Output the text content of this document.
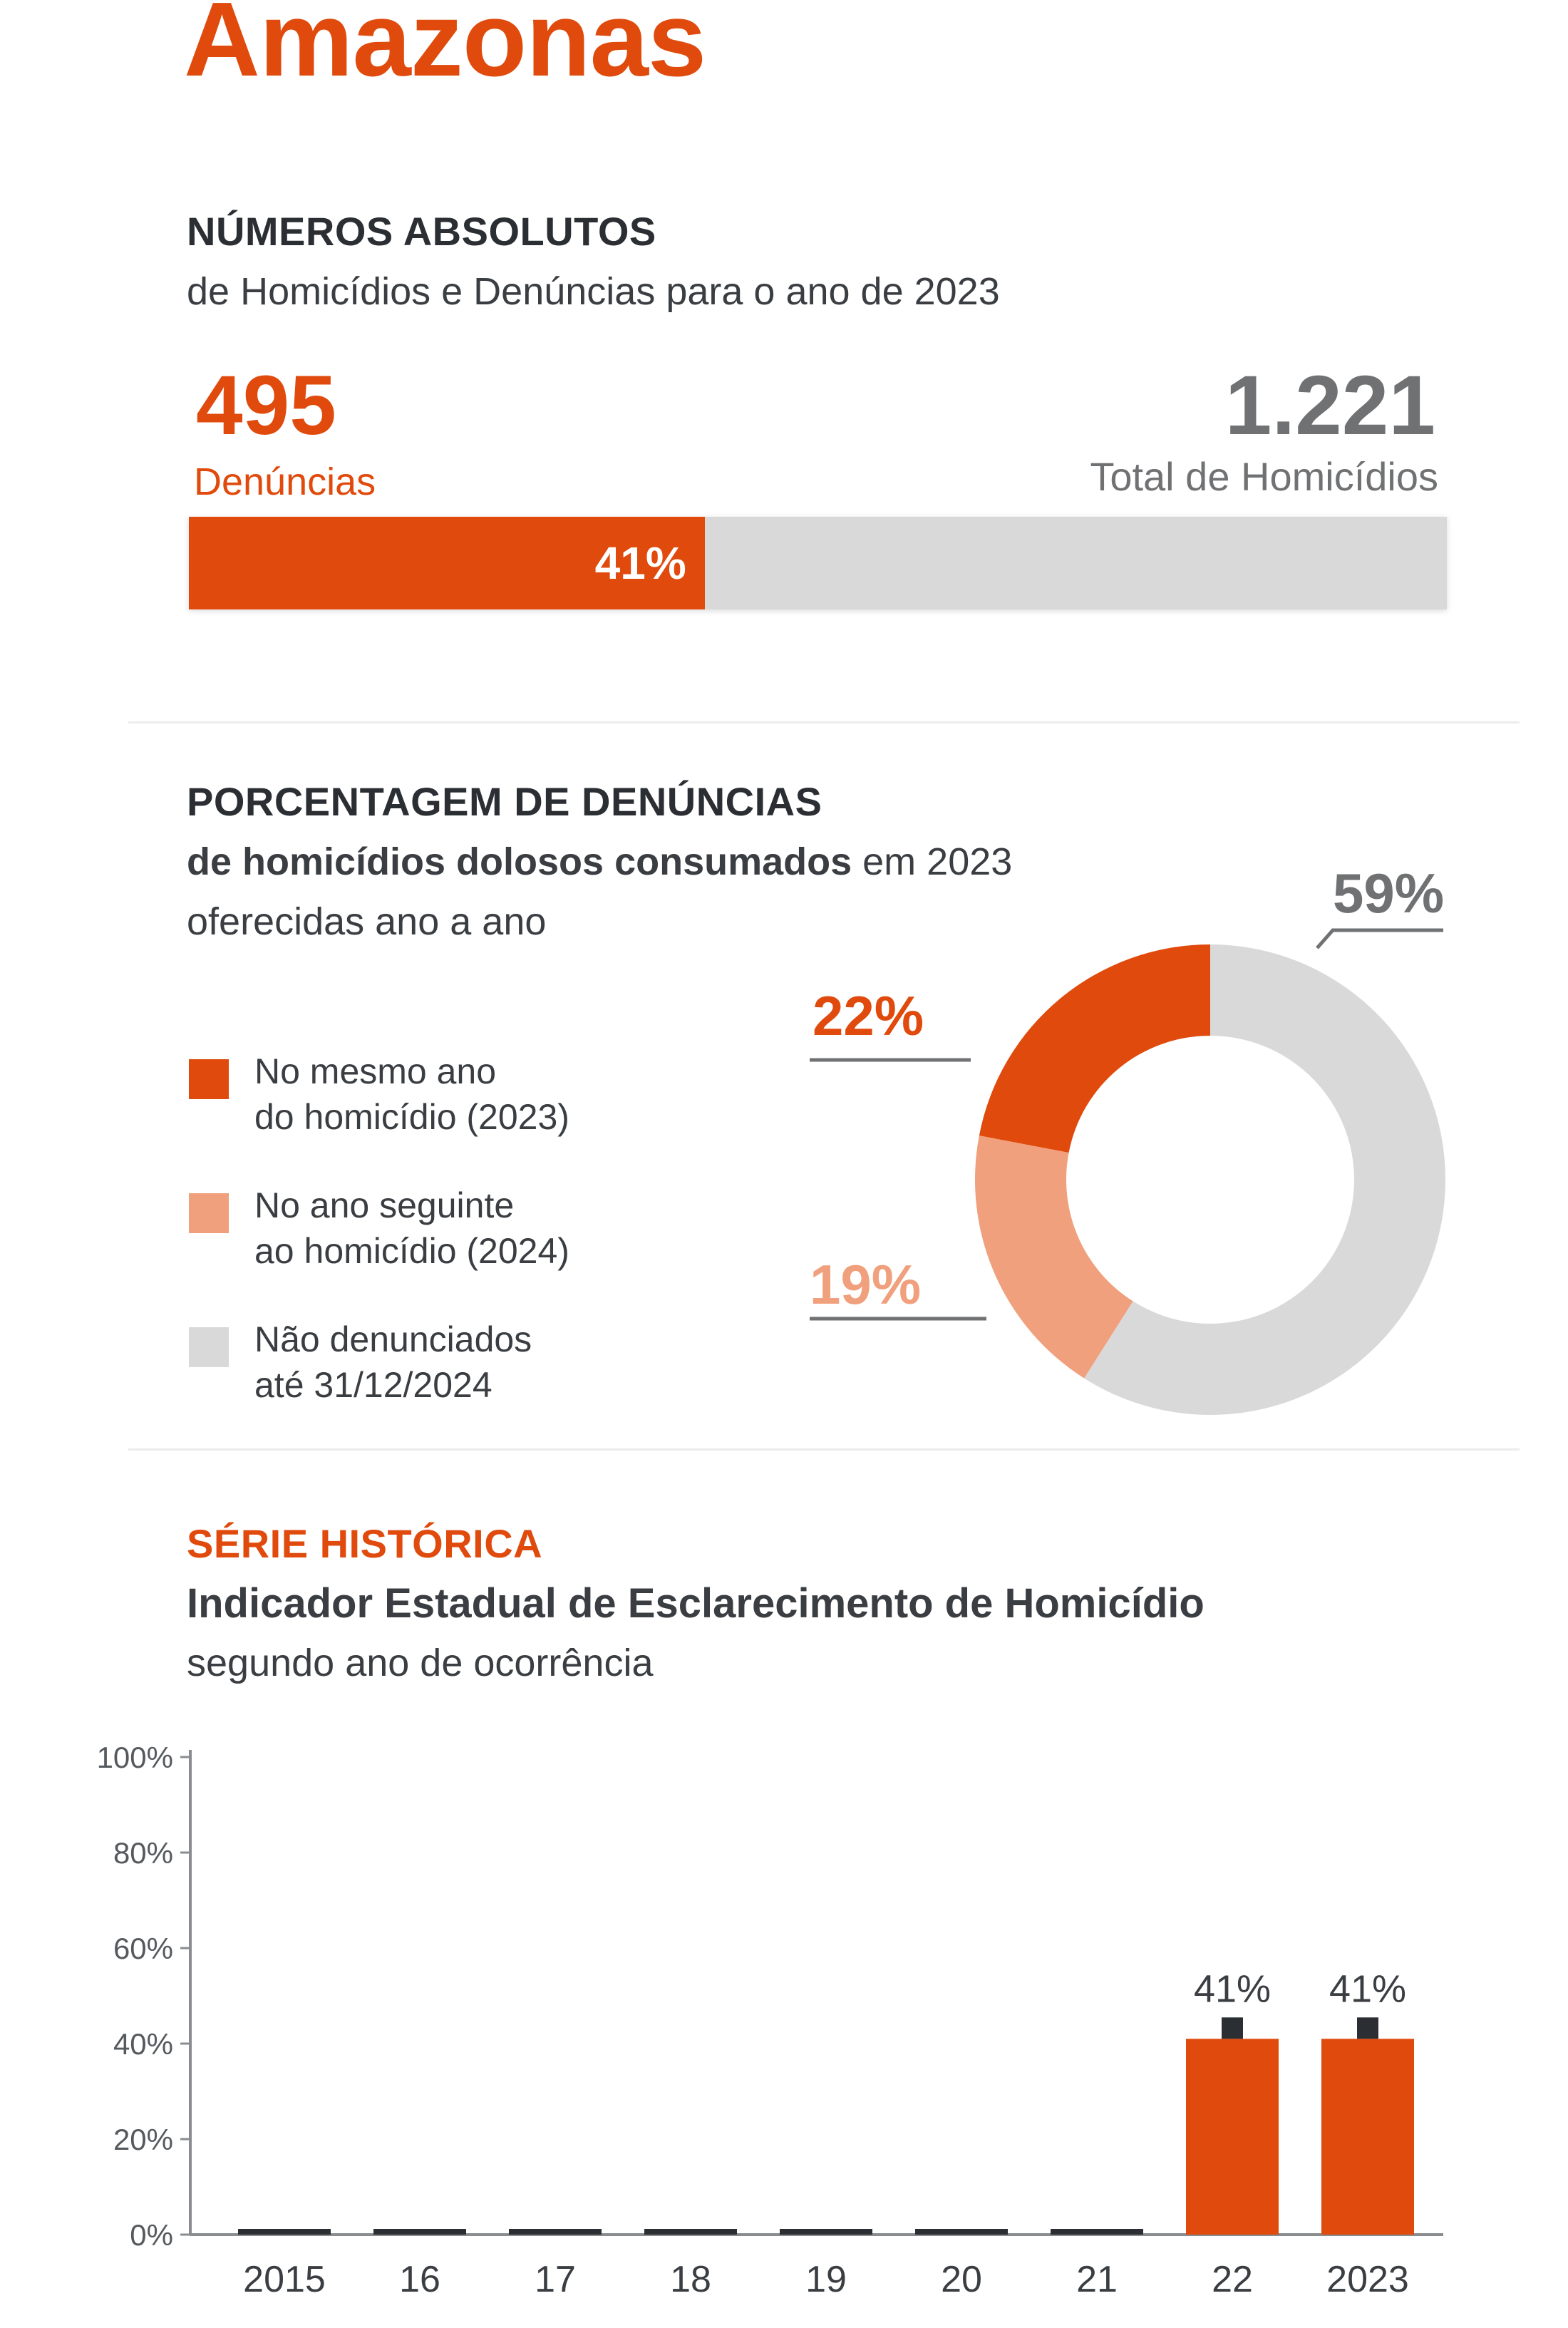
Amazonas
NÚMEROS ABSOLUTOS
de Homicídios e Denúncias para o ano de 2023
495
Denúncias
1.221
Total de Homicídios
41%
PORCENTAGEM DE DENÚNCIAS
de homicídios dolosos consumados em 2023
oferecidas ano a ano
No mesmo ano
do homicídio (2023)
No ano seguinte
ao homicídio (2024)
Não denunciados
até 31/12/2024
22%
19%
59%
SÉRIE HISTÓRICA
Indicador Estadual de Esclarecimento de Homicídio
segundo ano de ocorrência
0%
20%
40%
60%
80%
100%
41% 41%
2015 16	17	18	19	20	21	22 2023
